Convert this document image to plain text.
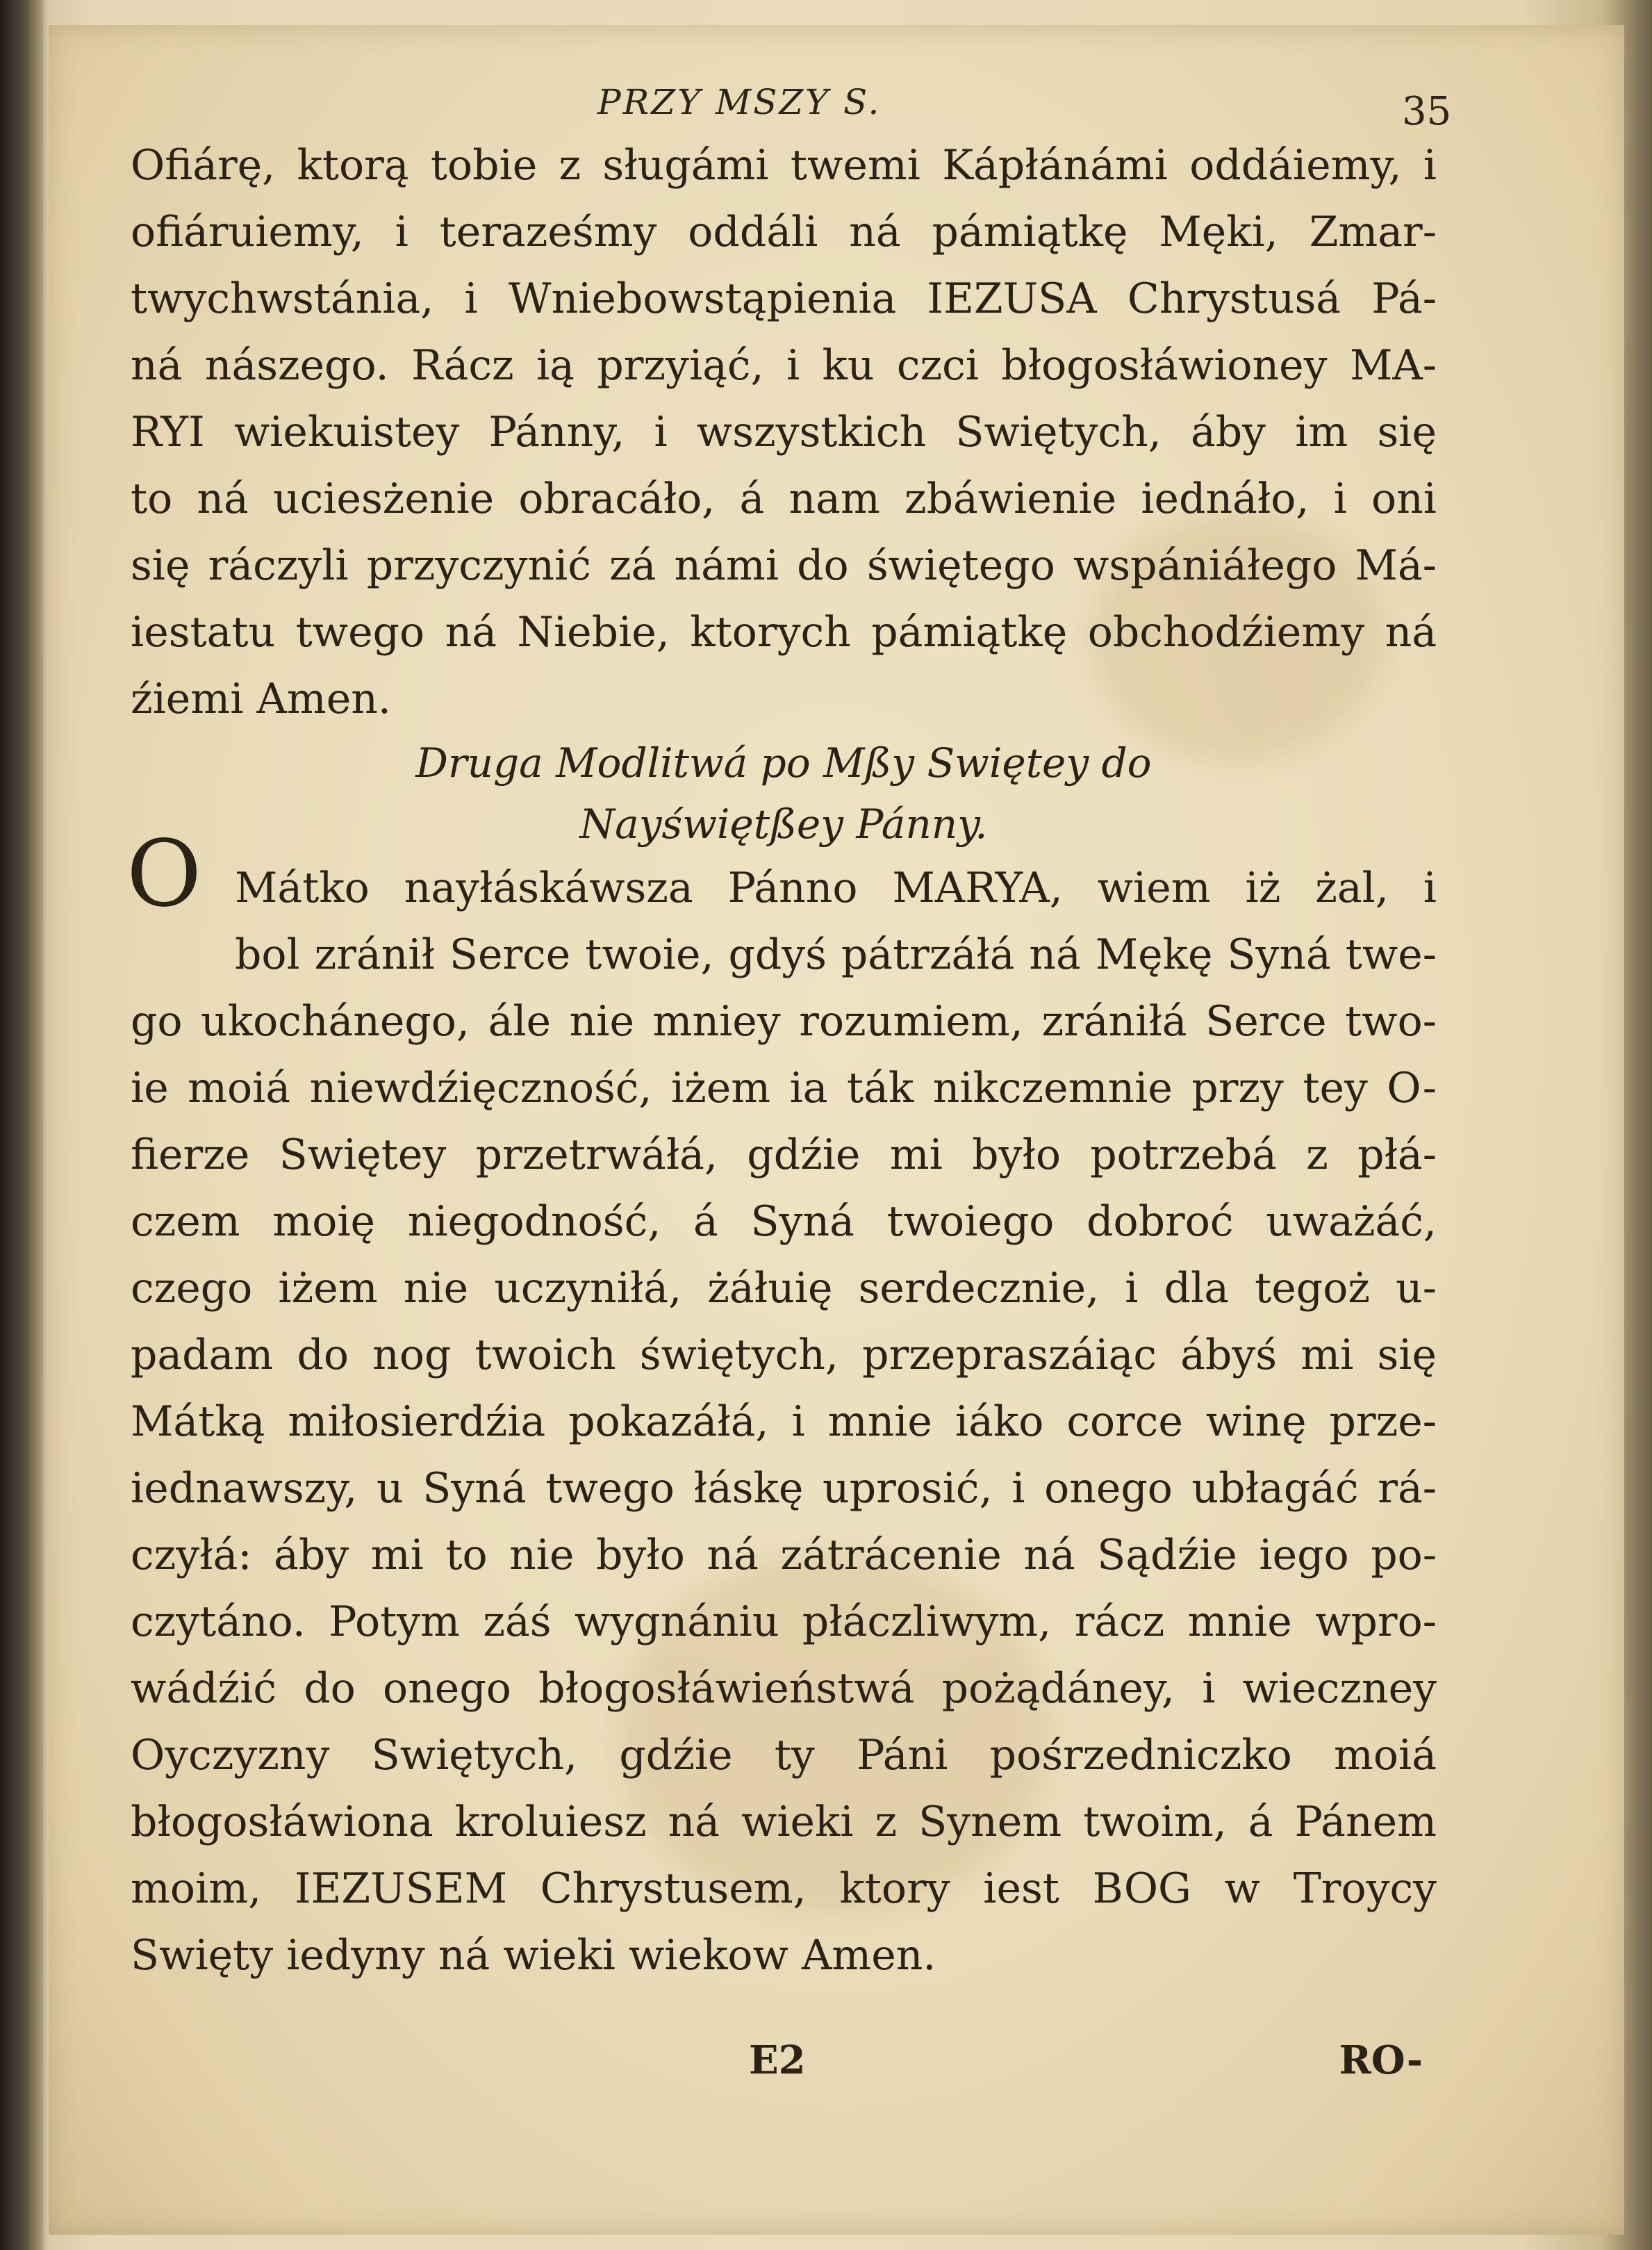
PRZY MSZY S.	35
Ofiárę, ktorą tobie z sługámi twemi Kápłánámi oddáiemy, i
ofiáruiemy, i teraześmy oddáli ná pámiątkę Męki, Zmar-
twychwstánia, i Wniebowstąpienia IEZUSA Chrystusá Pá-
ná nászego. Rácz ią przyiąć, i ku czci błogosłáwioney MA-
RYI wiekuistey Pánny, i wszystkich Swiętych, áby im się
to ná uciesżenie obracáło, á nam zbáwienie iednáło, i oni
się ráczyli przyczynić zá námi do świętego wspániáłego Má-
iestatu twego ná Niebie, ktorych pámiątkę obchodźiemy ná
źiemi Amen.
Druga Modlitwá po Mßy Swiętey do
Nayświętßey Pánny.
Mátko nayłáskáwsza Pánno MARYA, wiem iż żal, i
bol zránił Serce twoie, gdyś pátrzáłá ná Mękę Syná twe-
go ukochánego, ále nie mniey rozumiem, zrániłá Serce two-
ie moiá niewdźięczność, iżem ia ták nikczemnie przy tey O-
fierze Swiętey przetrwáłá, gdźie mi było potrzebá z płá-
czem moię niegodność, á Syná twoiego dobroć uważáć,
czego iżem nie uczyniłá, żáłuię serdecznie, i dla tegoż u-
padam do nog twoich świętych, przepraszáiąc ábyś mi się
Mátką miłosierdźia pokazáłá, i mnie iáko corce winę prze-
iednawszy, u Syná twego łáskę uprosić, i onego ubłagáć rá-
czyłá: áby mi to nie było ná zátrácenie ná Sądźie iego po-
czytáno. Potym záś wygnániu płáczliwym, rácz mnie wpro-
wádźić do onego błogosłáwieństwá pożądáney, i wieczney
Oyczyzny Swiętych, gdźie ty Páni pośrzedniczko moiá
błogosłáwiona kroluiesz ná wieki z Synem twoim, á Pánem
moim, IEZUSEM Chrystusem, ktory iest BOG w Troycy
Swięty iedyny ná wieki wiekow Amen.
O
E2	RO-
